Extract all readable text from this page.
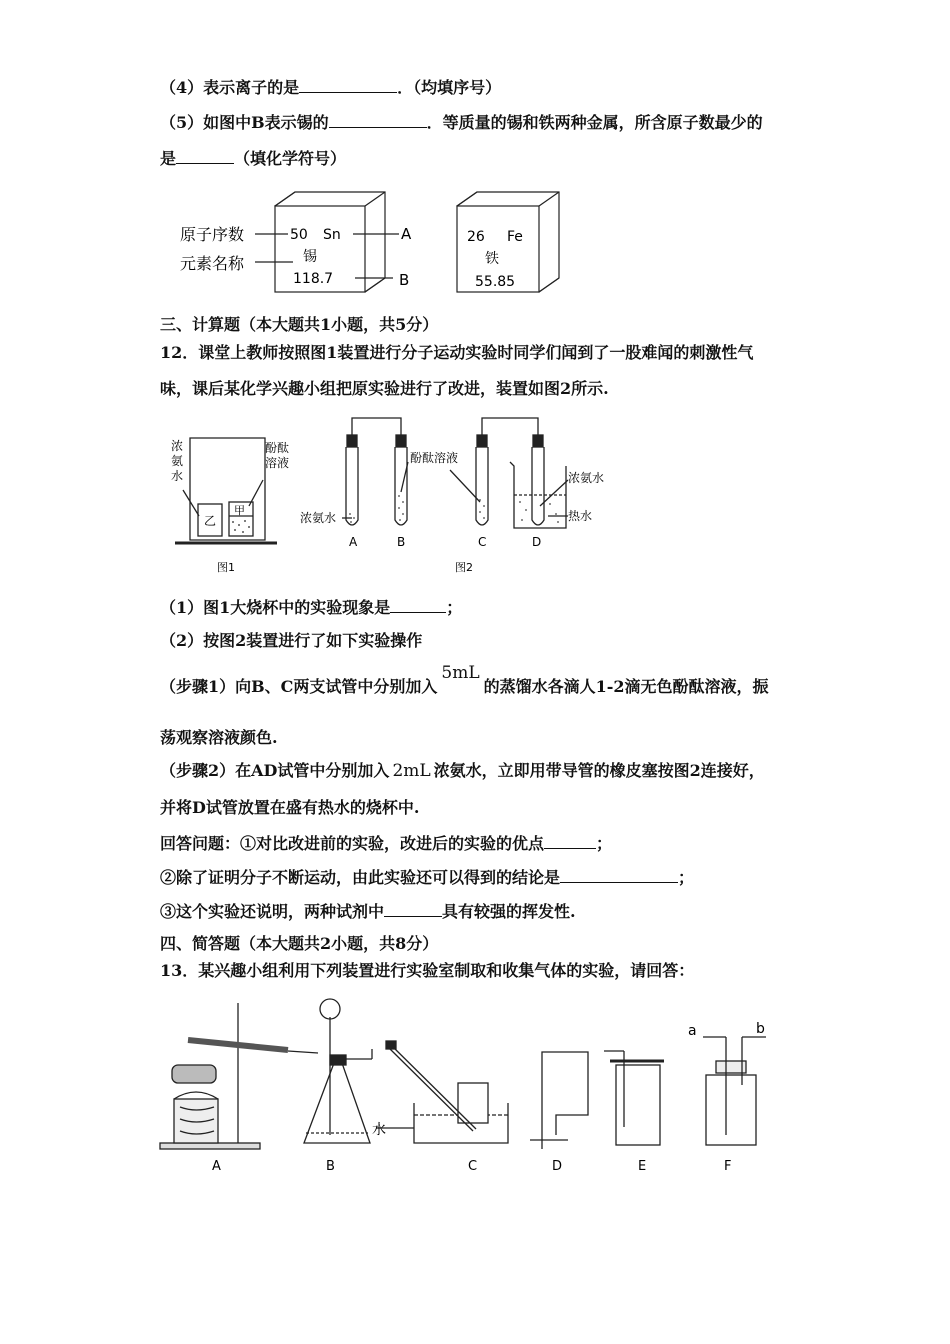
（4）表示离子的是	．（均填序号）
（5）如图中B表示锡的	．等质量的锡和铁两种金属，所含原子数最少的
是	（填化学符号）
原子序数
元素名称
50 Sn
锡
118.7
A
B
26 Fe
铁
55.85
三、计算题（本大题共1小题，共5分）
12．课堂上教师按照图1装置进行分子运动实验时同学们闻到了一股难闻的刺激性气
味，课后某化学兴趣小组把原实验进行了改进，装置如图2所示.
浓
氨
水
酚酞
溶液
乙
甲
图1
浓氨水
酚酞溶液
浓氨水
热水
A	B	C	D
图2
（1）图1大烧杯中的实验现象是	；
（2）按图2装置进行了如下实验操作
（步骤1）向B、C两支试管中分别加入5mL的蒸馏水各滴人1-2滴无色酚酞溶液，振
荡观察溶液颜色.
（步骤2）在AD试管中分别加入 2mL 浓氨水，立即用带导管的橡皮塞按图2连接好，
并将D试管放置在盛有热水的烧杯中.
回答问题：①对比改进前的实验，改进后的实验的优点	；
②除了证明分子不断运动，由此实验还可以得到的结论是	；
③这个实验还说明，两种试剂中	具有较强的挥发性.
四、简答题（本大题共2小题，共8分）
13．某兴趣小组利用下列装置进行实验室制取和收集气体的实验，请回答：
A	B	C	D	E	F
水
a	b
